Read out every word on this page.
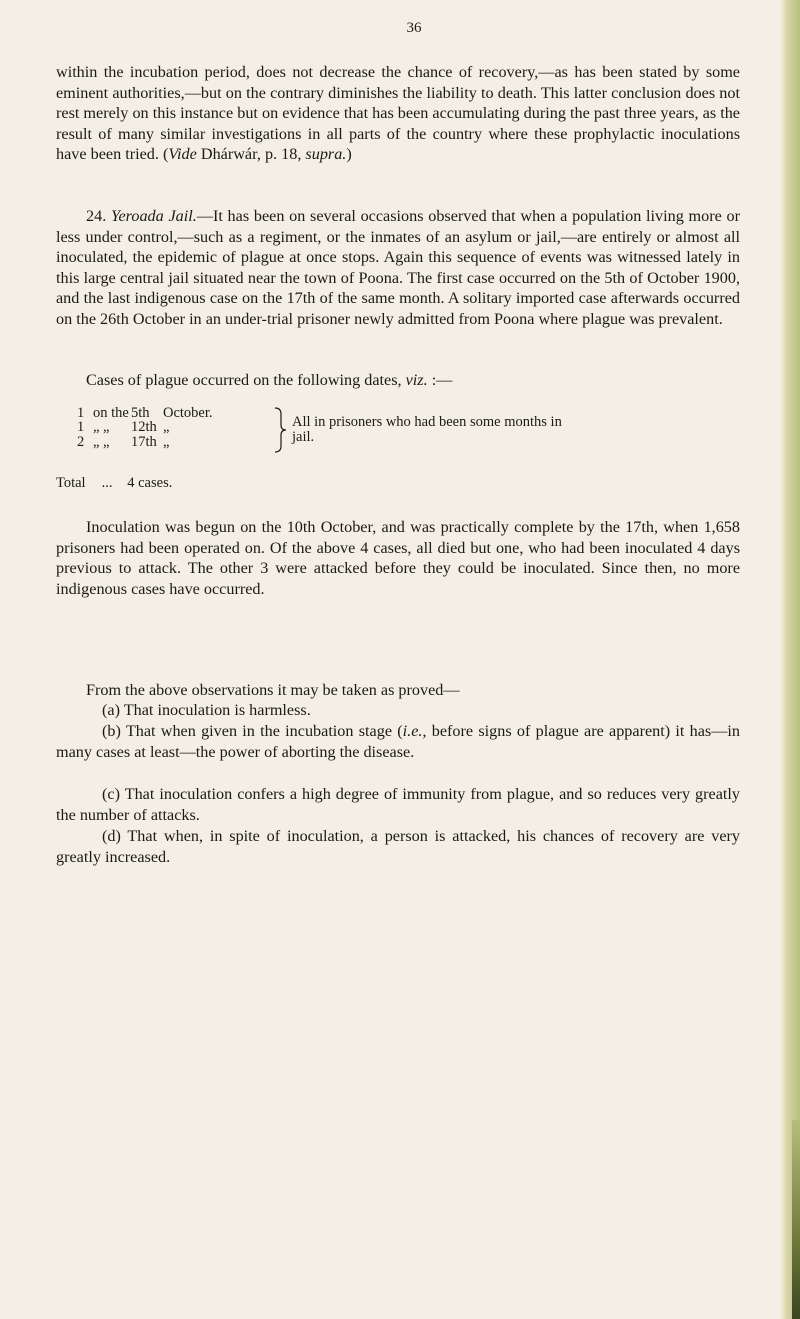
36

within the incubation period, does not decrease the chance of recovery,—as has been stated by some eminent authorities,—but on the contrary diminishes the liability to death. This latter conclusion does not rest merely on this instance but on evidence that has been accumulating during the past three years, as the result of many similar investigations in all parts of the country where these prophylactic inoculations have been tried. (Vide Dhárwár, p. 18, supra.)

24. Yeroada Jail.—It has been on several occasions observed that when a population living more or less under control,—such as a regiment, or the inmates of an asylum or jail,—are entirely or almost all inoculated, the epidemic of plague at once stops. Again this sequence of events was witnessed lately in this large central jail situated near the town of Poona. The first case occurred on the 5th of October 1900, and the last indigenous case on the 17th of the same month. A solitary imported case afterwards occurred on the 26th October in an under-trial prisoner newly admitted from Poona where plague was prevalent.

Cases of plague occurred on the following dates, viz. :—

1 on the 5th October.
1 „ „ 12th „
2 „ „ 17th „
All in prisoners who had been some months in
jail.
Total ... 4 cases.

Inoculation was begun on the 10th October, and was practically complete by the 17th, when 1,658 prisoners had been operated on. Of the above 4 cases, all died but one, who had been inoculated 4 days previous to attack. The other 3 were attacked before they could be inoculated. Since then, no more indigenous cases have occurred.

From the above observations it may be taken as proved—

(a) That inoculation is harmless.

(b) That when given in the incubation stage (i.e., before signs of plague are apparent) it has—in many cases at least—the power of aborting the disease.

(c) That inoculation confers a high degree of immunity from plague, and so reduces very greatly the number of attacks.

(d) That when, in spite of inoculation, a person is attacked, his chances of recovery are very greatly increased.
